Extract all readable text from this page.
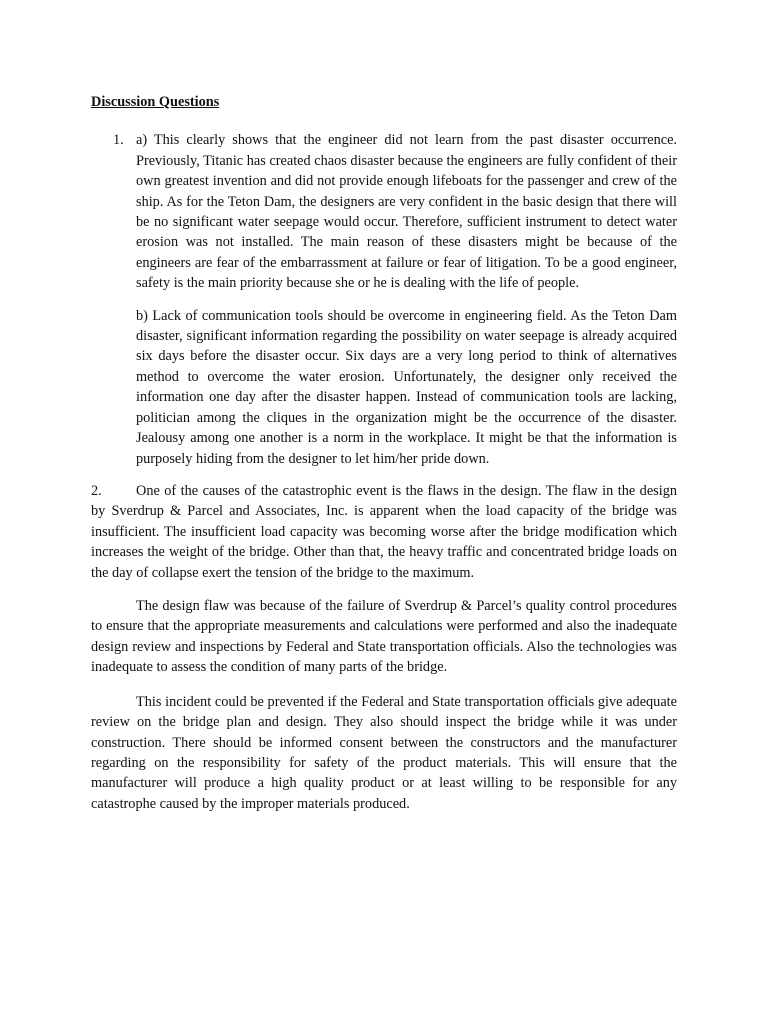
Discussion Questions
1. a) This clearly shows that the engineer did not learn from the past disaster occurrence. Previously, Titanic has created chaos disaster because the engineers are fully confident of their own greatest invention and did not provide enough lifeboats for the passenger and crew of the ship. As for the Teton Dam, the designers are very confident in the basic design that there will be no significant water seepage would occur. Therefore, sufficient instrument to detect water erosion was not installed. The main reason of these disasters might be because of the engineers are fear of the embarrassment at failure or fear of litigation. To be a good engineer, safety is the main priority because she or he is dealing with the life of people.

b) Lack of communication tools should be overcome in engineering field. As the Teton Dam disaster, significant information regarding the possibility on water seepage is already acquired six days before the disaster occur. Six days are a very long period to think of alternatives method to overcome the water erosion. Unfortunately, the designer only received the information one day after the disaster happen. Instead of communication tools are lacking, politician among the cliques in the organization might be the occurrence of the disaster. Jealousy among one another is a norm in the workplace. It might be that the information is purposely hiding from the designer to let him/her pride down.

2. One of the causes of the catastrophic event is the flaws in the design. The flaw in the design by Sverdrup & Parcel and Associates, Inc. is apparent when the load capacity of the bridge was insufficient. The insufficient load capacity was becoming worse after the bridge modification which increases the weight of the bridge. Other than that, the heavy traffic and concentrated bridge loads on the day of collapse exert the tension of the bridge to the maximum.

The design flaw was because of the failure of Sverdrup & Parcel’s quality control procedures to ensure that the appropriate measurements and calculations were performed and also the inadequate design review and inspections by Federal and State transportation officials. Also the technologies was inadequate to assess the condition of many parts of the bridge.

This incident could be prevented if the Federal and State transportation officials give adequate review on the bridge plan and design. They also should inspect the bridge while it was under construction. There should be informed consent between the constructors and the manufacturer regarding on the responsibility for safety of the product materials. This will ensure that the manufacturer will produce a high quality product or at least willing to be responsible for any catastrophe caused by the improper materials produced.
